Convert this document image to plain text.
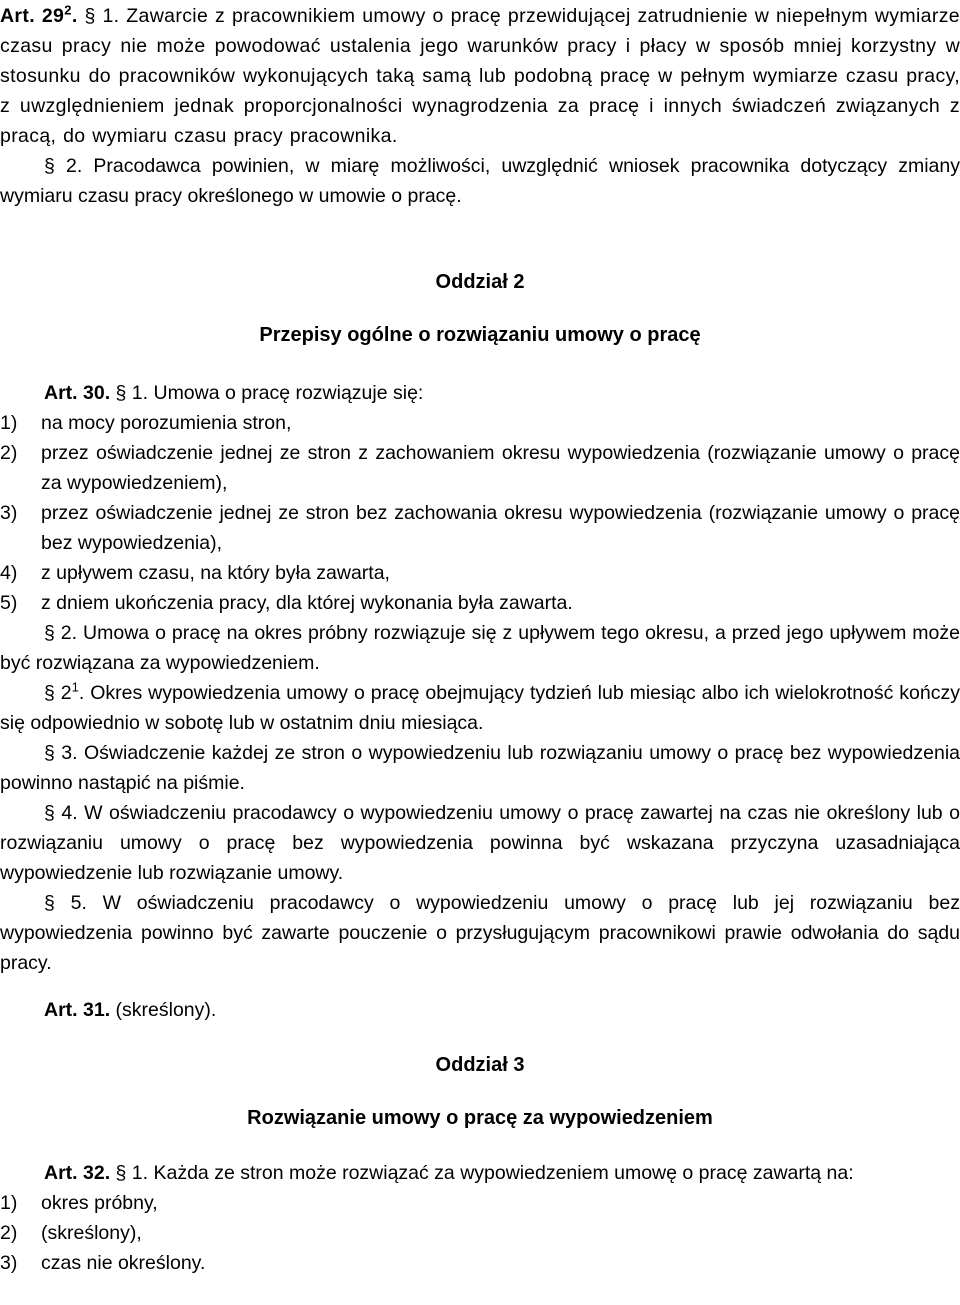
Art. $29^2$. § 1. Zawarcie z pracownikiem umowy o pracę przewidującej zatrudnienie w niepełnym wymiarze czasu pracy nie może powodować ustalenia jego warunków pracy i płacy w sposób mniej korzystny w stosunku do pracowników wykonujących taką samą lub podobną pracę w pełnym wymiarze czasu pracy, z uwzględnieniem jednak proporcjonalności wynagrodzenia za pracę i innych świadczeń związanych z pracą, do wymiaru czasu pracy pracownika.

§ 2. Pracodawca powinien, w miarę możliwości, uwzględnić wniosek pracownika dotyczący zmiany wymiaru czasu pracy określonego w umowie o pracę.

Oddział 2

Przepisy ogólne o rozwiązaniu umowy o pracę

Art. 30. § 1. Umowa o pracę rozwiązuje się:

1) na mocy porozumienia stron,

2) przez oświadczenie jednej ze stron z zachowaniem okresu wypowiedzenia (rozwiązanie umowy o pracę za wypowiedzeniem),

3) przez oświadczenie jednej ze stron bez zachowania okresu wypowiedzenia (rozwiązanie umowy o pracę bez wypowiedzenia),

4) z upływem czasu, na który była zawarta,

5) z dniem ukończenia pracy, dla której wykonania była zawarta.

§ 2. Umowa o pracę na okres próbny rozwiązuje się z upływem tego okresu, a przed jego upływem może być rozwiązana za wypowiedzeniem.

§ $2^1$. Okres wypowiedzenia umowy o pracę obejmujący tydzień lub miesiąc albo ich wielokrotność kończy się odpowiednio w sobotę lub w ostatnim dniu miesiąca.

§ 3. Oświadczenie każdej ze stron o wypowiedzeniu lub rozwiązaniu umowy o pracę bez wypowiedzenia powinno nastąpić na piśmie.

§ 4. W oświadczeniu pracodawcy o wypowiedzeniu umowy o pracę zawartej na czas nie określony lub o rozwiązaniu umowy o pracę bez wypowiedzenia powinna być wskazana przyczyna uzasadniająca wypowiedzenie lub rozwiązanie umowy.

§ 5. W oświadczeniu pracodawcy o wypowiedzeniu umowy o pracę lub jej rozwiązaniu bez wypowiedzenia powinno być zawarte pouczenie o przysługującym pracownikowi prawie odwołania do sądu pracy.

Art. 31. (skreślony).

Oddział 3

Rozwiązanie umowy o pracę za wypowiedzeniem

Art. 32. § 1. Każda ze stron może rozwiązać za wypowiedzeniem umowę o pracę zawartą na:

1) okres próbny,

2) (skreślony),

3) czas nie określony.
